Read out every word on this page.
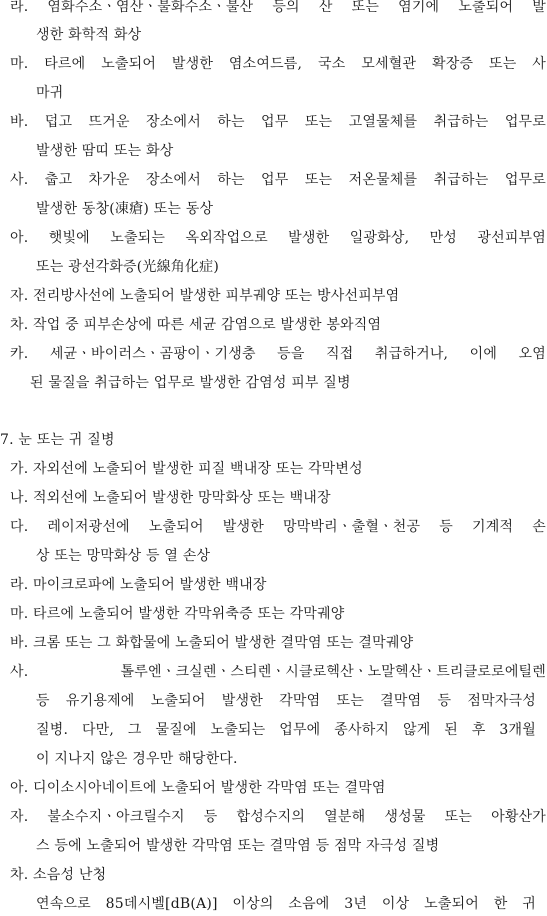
라. 염화수소ㆍ염산ㆍ불화수소ㆍ불산 등의 산 또는 염기에 노출되어 발
생한 화학적 화상
마. 타르에 노출되어 발생한 염소여드름, 국소 모세혈관 확장증 또는 사
마귀
바. 덥고 뜨거운 장소에서 하는 업무 또는 고열물체를 취급하는 업무로
발생한 땀띠 또는 화상
사. 춥고 차가운 장소에서 하는 업무 또는 저온물체를 취급하는 업무로
발생한 동창(凍瘡) 또는 동상
아. 햇빛에 노출되는 옥외작업으로 발생한 일광화상, 만성 광선피부염
또는 광선각화증(光線角化症)
자. 전리방사선에 노출되어 발생한 피부궤양 또는 방사선피부염
차. 작업 중 피부손상에 따른 세균 감염으로 발생한 봉와직염
카. 세균ㆍ바이러스ㆍ곰팡이ㆍ기생충 등을 직접 취급하거나, 이에 오염
된 물질을 취급하는 업무로 발생한 감염성 피부 질병
7. 눈 또는 귀 질병
가. 자외선에 노출되어 발생한 피질 백내장 또는 각막변성
나. 적외선에 노출되어 발생한 망막화상 또는 백내장
다. 레이저광선에 노출되어 발생한 망막박리ㆍ출혈ㆍ천공 등 기계적 손
상 또는 망막화상 등 열 손상
라. 마이크로파에 노출되어 발생한 백내장
마. 타르에 노출되어 발생한 각막위축증 또는 각막궤양
바. 크롬 또는 그 화합물에 노출되어 발생한 결막염 또는 결막궤양
사. 톨루엔ㆍ크실렌ㆍ스티렌ㆍ시클로헥산ㆍ노말헥산ㆍ트리클로로에틸렌
등 유기용제에 노출되어 발생한 각막염 또는 결막염 등 점막자극성
질병. 다만, 그 물질에 노출되는 업무에 종사하지 않게 된 후 3개월
이 지나지 않은 경우만 해당한다.
아. 디이소시아네이트에 노출되어 발생한 각막염 또는 결막염
자. 불소수지ㆍ아크릴수지 등 합성수지의 열분해 생성물 또는 아황산가
스 등에 노출되어 발생한 각막염 또는 결막염 등 점막 자극성 질병
차. 소음성 난청
연속으로 85데시벨[dB(A)] 이상의 소음에 3년 이상 노출되어 한 귀
